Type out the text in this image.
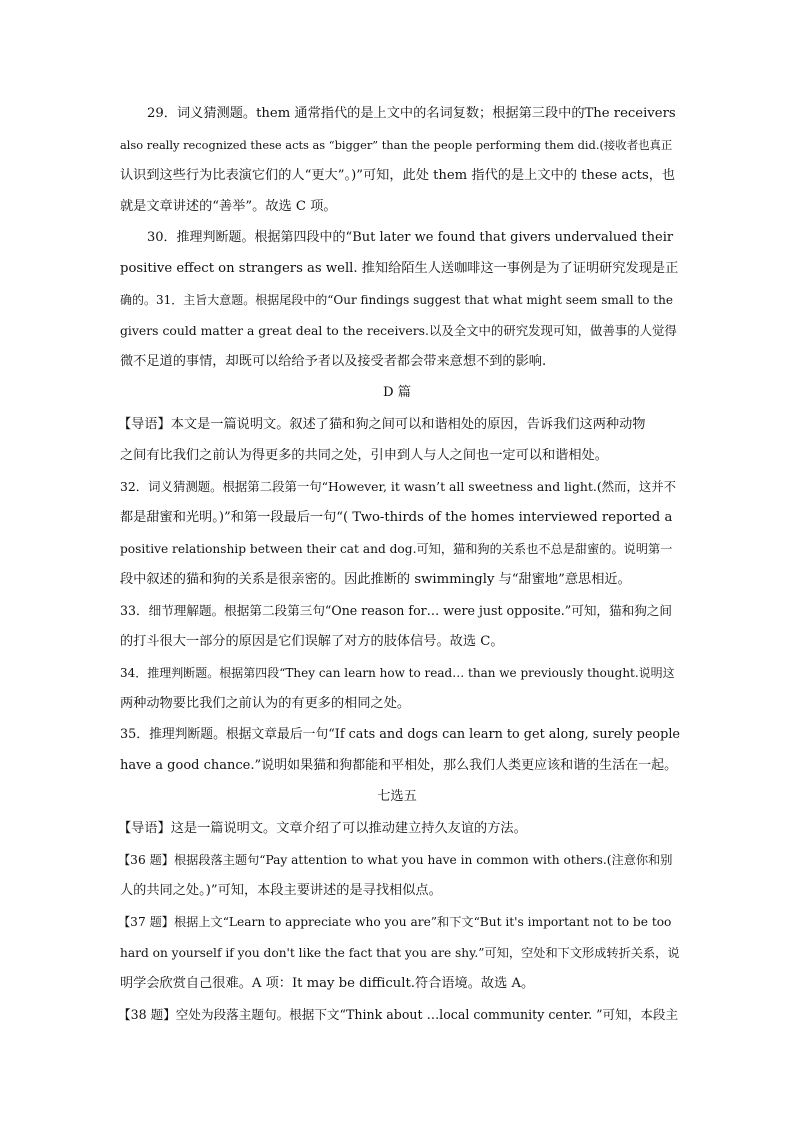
29．词义猜测题。them 通常指代的是上文中的名词复数；根据第三段中的The receivers
also really recognized these acts as “bigger” than the people performing them did.(接收者也真正
认识到这些行为比表演它们的人“更大”。)”可知，此处 them 指代的是上文中的 these acts，也
就是文章讲述的“善举”。故选 C 项。
30．推理判断题。根据第四段中的“But later we found that givers undervalued their
positive effect on strangers as well. 推知给陌生人送咖啡这一事例是为了证明研究发现是正
确的。31．主旨大意题。根据尾段中的“Our findings suggest that what might seem small to the
givers could matter a great deal to the receivers.以及全文中的研究发现可知，做善事的人觉得
微不足道的事情，却既可以给给予者以及接受者都会带来意想不到的影响.
D 篇
【导语】本文是一篇说明文。叙述了猫和狗之间可以和谐相处的原因，告诉我们这两种动物
之间有比我们之前认为得更多的共同之处，引申到人与人之间也一定可以和谐相处。
32．词义猜测题。根据第二段第一句“However, it wasn’t all sweetness and light.(然而，这并不
都是甜蜜和光明。)”和第一段最后一句“( Two-thirds of the homes interviewed reported a
positive relationship between their cat and dog.可知，猫和狗的关系也不总是甜蜜的。说明第一
段中叙述的猫和狗的关系是很亲密的。因此推断的 swimmingly 与“甜蜜地”意思相近。
33．细节理解题。根据第二段第三句“One reason for… were just opposite.”可知，猫和狗之间
的打斗很大一部分的原因是它们误解了对方的肢体信号。故选 C。
34．推理判断题。根据第四段“They can learn how to read… than we previously thought.说明这
两种动物要比我们之前认为的有更多的相同之处。
35．推理判断题。根据文章最后一句“If cats and dogs can learn to get along, surely people
have a good chance.”说明如果猫和狗都能和平相处，那么我们人类更应该和谐的生活在一起。
七选五
【导语】这是一篇说明文。文章介绍了可以推动建立持久友谊的方法。
【36 题】根据段落主题句“Pay attention to what you have in common with others.(注意你和别
人的共同之处。)”可知，本段主要讲述的是寻找相似点。
【37 题】根据上文“Learn to appreciate who you are”和下文“But it's important not to be too
hard on yourself if you don't like the fact that you are shy.”可知，空处和下文形成转折关系，说
明学会欣赏自己很难。A 项：It may be difficult.符合语境。故选 A。
【38 题】空处为段落主题句。根据下文“Think about …local community center. ”可知，本段主
